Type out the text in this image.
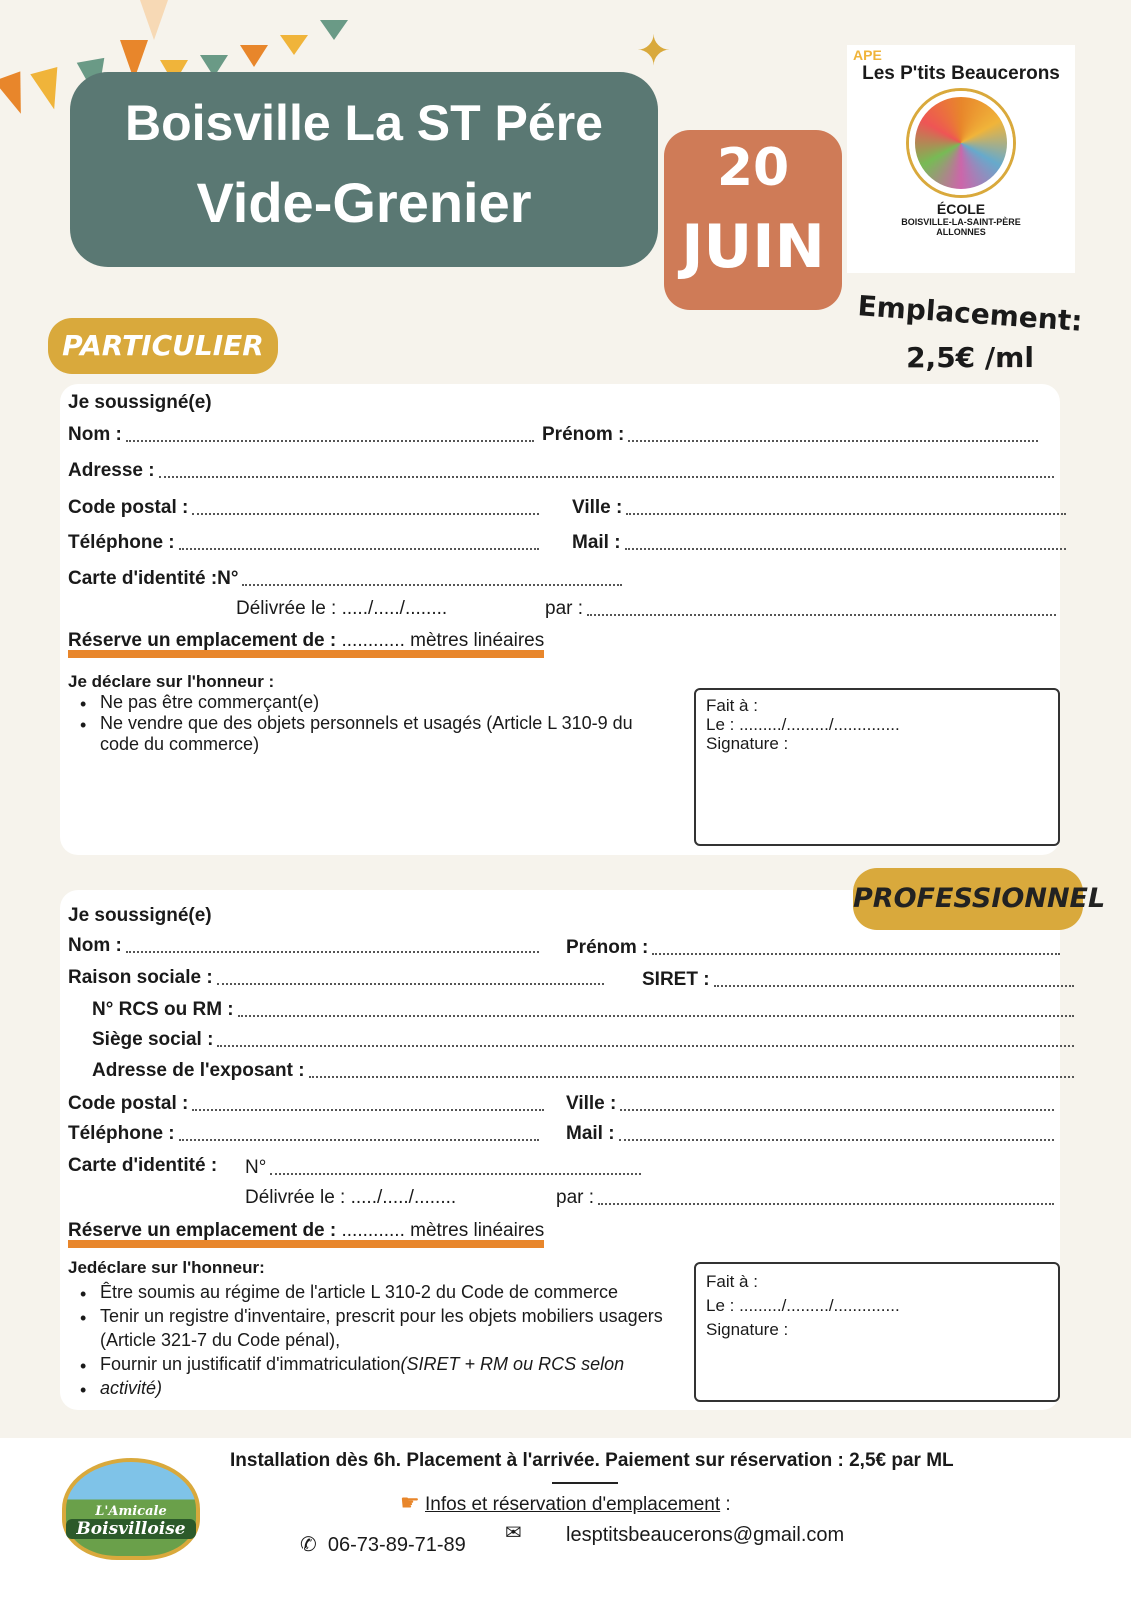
Boisville La ST Pére
Vide-Grenier
✦
20
JUIN
APE
Les P'tits Beaucerons
ÉCOLE
BOISVILLE-LA-SAINT-PÈRE
ALLONNES
Emplacement:
2,5€ /ml
PARTICULIER
Je soussigné(e)
Nom :	Prénom :
Adresse :
Code postal :	Ville :
Téléphone :	Mail :
Carte d'identité :N°
Délivrée le : ...../...../........	par :
Réserve un emplacement de :
............ mètres linéaires
Je déclare sur l'honneur :
• Ne pas être commerçant(e)
• Ne vendre que des objets personnels et usagés (Article L 310-9 du code du commerce)
Fait à :
Le : ........./........./..............
Signature :
PROFESSIONNEL
Je soussigné(e)
Nom :	Prénom :
Raison sociale :	SIRET :
N° RCS ou RM :
Siège social :
Adresse de l'exposant :
Code postal :	Ville :
Téléphone :	Mail :
Carte d'identité : N°
Délivrée le : ...../...../........	par :
Réserve un emplacement de :
............ mètres linéaires
Jedéclare sur l'honneur:
• Être soumis au régime de l'article L 310-2 du Code de commerce
• Tenir un registre d'inventaire, prescrit pour les objets mobiliers usagers (Article 321-7 du Code pénal),
• Fournir un justificatif d'immatriculation(SIRET + RM ou RCS selon
• activité)
Fait à :
Le : ........./........./..............
Signature :
L'Amicale
Boisvilloise
Installation dès 6h. Placement à l'arrivée. Paiement sur réservation : 2,5€ par ML
☛ Infos et réservation d'emplacement :
✆ 06-73-89-71-89
✉ lesptitsbeaucerons@gmail.com
